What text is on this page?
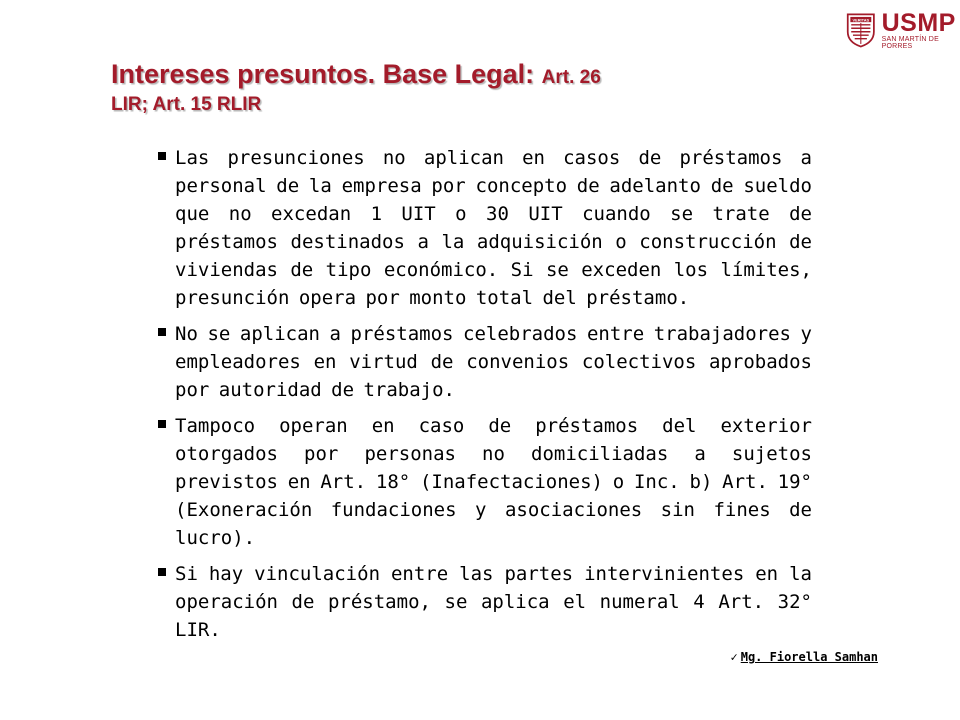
VERITAS USMP
SAN MARTÍN DE PORRES
Intereses presuntos. Base Legal: Art. 26
LIR; Art. 15 RLIR
Las presunciones no aplican en casos de préstamos a personal de la empresa por concepto de adelanto de sueldo que no excedan 1 UIT o 30 UIT cuando se trate de préstamos destinados a la adquisición o construcción de viviendas de tipo económico. Si se exceden los límites, presunción opera por monto total del préstamo.
No se aplican a préstamos celebrados entre trabajadores y empleadores en virtud de convenios colectivos aprobados por autoridad de trabajo.
Tampoco operan en caso de préstamos del exterior otorgados por personas no domiciliadas a sujetos previstos en Art. 18° (Inafectaciones) o Inc. b) Art. 19° (Exoneración fundaciones y asociaciones sin fines de lucro).
Si hay vinculación entre las partes intervinientes en la operación de préstamo, se aplica el numeral 4 Art. 32° LIR.
✓ Mg. Fiorella Samhan
